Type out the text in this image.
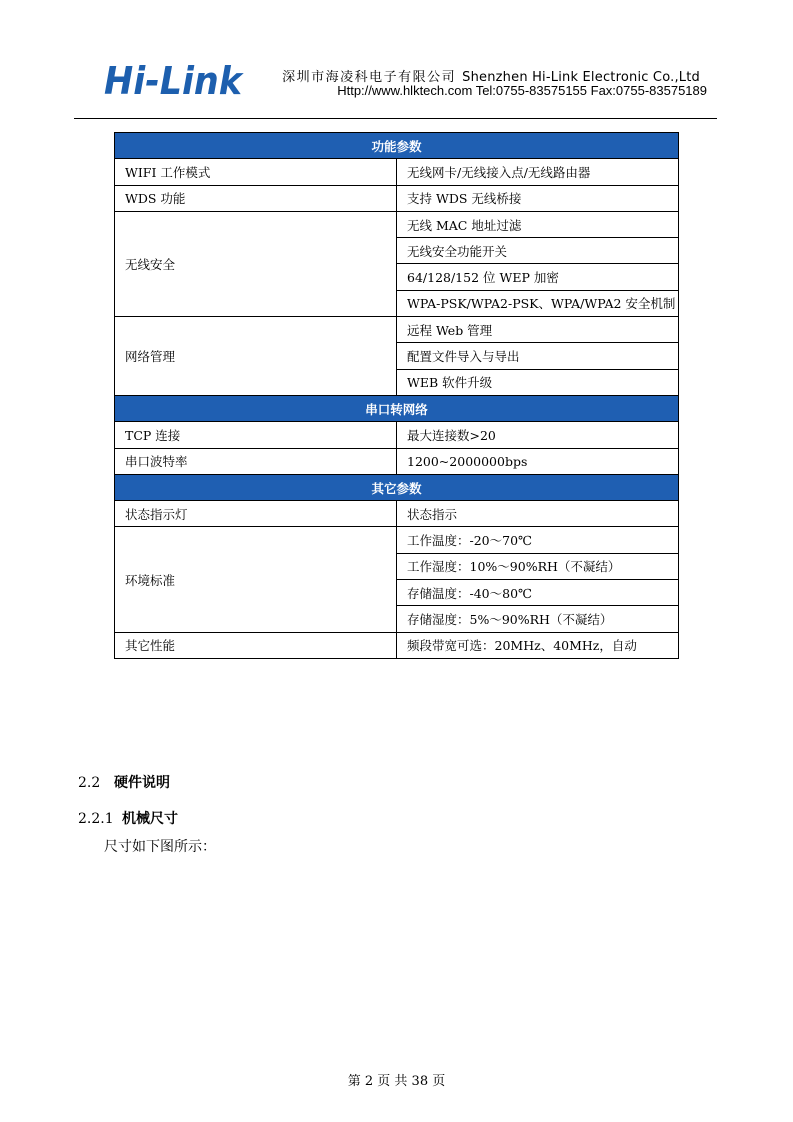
Hi-Link	深圳市海凌科电子有限公司 Shenzhen Hi-Link Electronic Co.,Ltd
Http://www.hlktech.com Tel:0755-83575155 Fax:0755-83575189
功能参数	
WIFI 工作模式	无线网卡/无线接入点/无线路由器
WDS 功能	支持 WDS 无线桥接
无线安全	无线 MAC 地址过滤
	无线安全功能开关
	64/128/152 位 WEP 加密
	WPA-PSK/WPA2-PSK、WPA/WPA2 安全机制
网络管理	远程 Web 管理
	配置文件导入与导出
	WEB 软件升级
串口转网络	
TCP 连接	最大连接数>20
串口波特率	1200~2000000bps
其它参数	
状态指示灯	状态指示
环境标准	工作温度：-20～70℃
	工作湿度：10%～90%RH（不凝结）
	存储温度：-40～80℃
	存储湿度：5%～90%RH（不凝结）
其它性能	频段带宽可选：20MHz、40MHz，自动
2.2 硬件说明
2.2.1 机械尺寸
尺寸如下图所示：
第 2 页 共 38 页
